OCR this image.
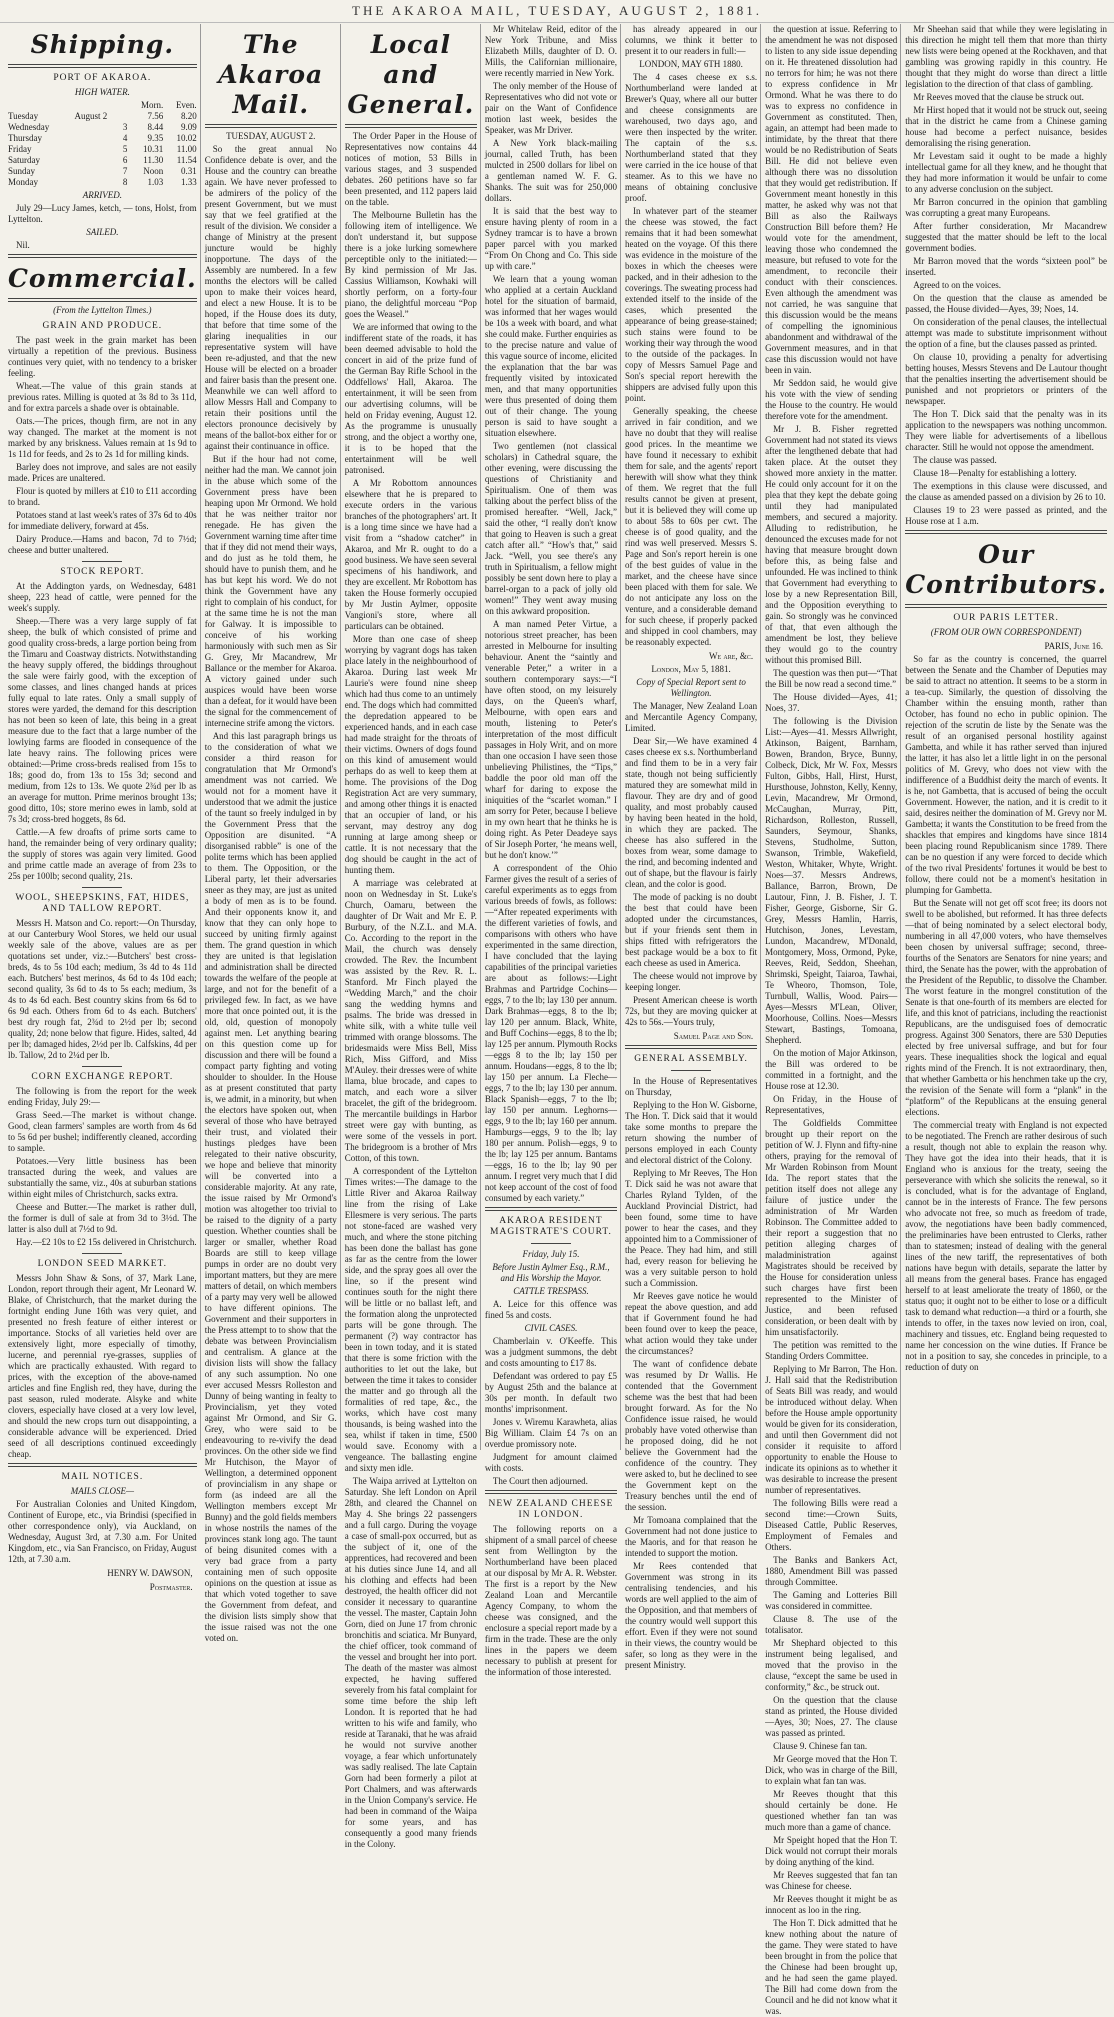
THE AKAROA MAIL, TUESDAY, AUGUST 2, 1881.
Shipping.
PORT OF AKAROA.
HIGH WATER.
		Morn.	Even.
Tuesday	August 2	7.56	8.20
Wednesday	3	8.44	9.09
Thursday	4	9.35	10.02
Friday	5	10.31	11.00
Saturday	6	11.30	11.54
Sunday	7	Noon	0.31
Monday	8	1.03	1.33
ARRIVED.

July 29—Lucy James, ketch, — tons, Holst, from Lyttelton.

SAILED.

Nil.

Commercial.
(From the Lyttelton Times.)
GRAIN AND PRODUCE.

The past week in the grain market has been virtually a repetition of the previous. Business continues very quiet, with no tendency to a brisker feeling.

Wheat.—The value of this grain stands at previous rates. Milling is quoted at 3s 8d to 3s 11d, and for extra parcels a shade over is obtainable.

Oats.—The prices, though firm, are not in any way changed. The market at the moment is not marked by any briskness. Values remain at 1s 9d to 1s 11d for feeds, and 2s to 2s 1d for milling kinds.

Barley does not improve, and sales are not easily made. Prices are unaltered.

Flour is quoted by millers at £10 to £11 according to brand.

Potatoes stand at last week's rates of 37s 6d to 40s for immediate delivery, forward at 45s.

Dairy Produce.—Hams and bacon, 7d to 7½d; cheese and butter unaltered.

STOCK REPORT.

At the Addington yards, on Wednesday, 6481 sheep, 223 head of cattle, were penned for the week's supply.

Sheep.—There was a very large supply of fat sheep, the bulk of which consisted of prime and good quality cross-breds, a large portion being from the Timaru and Coastway districts. Notwithstanding the heavy supply offered, the biddings throughout the sale were fairly good, with the exception of some classes, and lines changed hands at prices fully equal to late rates. Only a small supply of stores were yarded, the demand for this description has not been so keen of late, this being in a great measure due to the fact that a large number of the lowlying farms are flooded in consequence of the late heavy rains. The following prices were obtained:—Prime cross-breds realised from 15s to 18s; good do, from 13s to 15s 3d; second and medium, from 12s to 13s. We quote 2¾d per lb as an average for mutton. Prime merinos brought 13s; good ditto, 10s; store merino ewes in lamb, sold at 7s 3d; cross-bred hoggets, 8s 6d.

Cattle.—A few droafts of prime sorts came to hand, the remainder being of very ordinary quality; the supply of stores was again very limited. Good and prime cattle made an average of from 23s to 25s per 100lb; second quality, 21s.

WOOL, SHEEPSKINS, FAT, HIDES, AND TALLOW REPORT.

Messrs H. Matson and Co. report:—On Thursday, at our Canterbury Wool Stores, we held our usual weekly sale of the above, values are as per quotations set under, viz.:—Butchers' best cross-breds, 4s to 5s 10d each; medium, 3s 4d to 4s 11d each. Butchers' best merinos, 4s 6d to 4s 10d each; second quality, 3s 6d to 4s to 5s each; medium, 3s 4s to 4s 6d each. Best country skins from 6s 6d to 6s 9d each. Others from 6d to 4s each. Butchers' best dry rough fat, 2¾d to 2½d per lb; second quality, 2d; none below that figure. Hides, salted, 4d per lb; damaged hides, 2½d per lb. Calfskins, 4d per lb. Tallow, 2d to 2¼d per lb.

CORN EXCHANGE REPORT.

The following is from the report for the week ending Friday, July 29:—

Grass Seed.—The market is without change. Good, clean farmers' samples are worth from 4s 6d to 5s 6d per bushel; indifferently cleaned, according to sample.

Potatoes.—Very little business has been transacted during the week, and values are substantially the same, viz., 40s at suburban stations within eight miles of Christchurch, sacks extra.

Cheese and Butter.—The market is rather dull, the former is dull of sale at from 3d to 3½d. The latter is also dull at 7½d to 9d.

Hay.—£2 10s to £2 15s delivered in Christchurch.

LONDON SEED MARKET.

Messrs John Shaw & Sons, of 37, Mark Lane, London, report through their agent, Mr Leonard W. Blake, of Christchurch, that the market during the fortnight ending June 16th was very quiet, and presented no fresh feature of either interest or importance. Stocks of all varieties held over are extensively light, more especially of timothy, lucerne, and perennial rye-grasses, supplies of which are practically exhausted. With regard to prices, with the exception of the above-named articles and fine English red, they have, during the past season, ruled moderate. Alsyke and white clovers, especially have closed at a very low level, and should the new crops turn out disappointing, a considerable advance will be experienced. Dried seed of all descriptions continued exceedingly cheap.

MAIL NOTICES.
MAILS CLOSE—

For Australian Colonies and United Kingdom, Continent of Europe, etc., via Brindisi (specified in other correspondence only), via Auckland, on Wednesday, August 3rd, at 7.30 a.m. For United Kingdom, etc., via San Francisco, on Friday, August 12th, at 7.30 a.m.

HENRY W. DAWSON,
Postmaster.
The Akaroa Mail.
TUESDAY, AUGUST 2.

So the great annual No Confidence debate is over, and the House and the country can breathe again. We have never professed to be admirers of the policy of the present Government, but we must say that we feel gratified at the result of the division. We consider a change of Ministry at the present juncture would be highly inopportune. The days of the Assembly are numbered. In a few months the electors will be called upon to make their voices heard, and elect a new House. It is to be hoped, if the House does its duty, that before that time some of the glaring inequalities in our representative system will have been re-adjusted, and that the new House will be elected on a broader and fairer basis than the present one. Meanwhile we can well afford to allow Messrs Hall and Company to retain their positions until the electors pronounce decisively by means of the ballot-box either for or against their continuance in office.

But if the hour had not come, neither had the man. We cannot join in the abuse which some of the Government press have been heaping upon Mr Ormond. We hold that he was neither traitor nor renegade. He has given the Government warning time after time that if they did not mend their ways, and do just as he told them, he should have to punish them, and he has but kept his word. We do not think the Government have any right to complain of his conduct, for at the same time he is not the man for Galway. It is impossible to conceive of his working harmoniously with such men as Sir G. Grey, Mr Macandrew, Mr Ballance or the member for Akaroa. A victory gained under such auspices would have been worse than a defeat, for it would have been the signal for the commencement of internecine strife among the victors.

And this last paragraph brings us to the consideration of what we consider a third reason for congratulation that Mr Ormond's amendment was not carried. We would not for a moment have it understood that we admit the justice of the taunt so freely indulged in by the Government Press that the Opposition are disunited. “A disorganised rabble” is one of the polite terms which has been applied to them. The Opposition, or the Liberal party, let their adversaries sneer as they may, are just as united a body of men as is to be found. And their opponents know it, and know that they can only hope to succeed by uniting firmly against them. The grand question in which they are united is that legislation and administration shall be directed towards the welfare of the people at large, and not for the benefit of a privileged few. In fact, as we have more that once pointed out, it is the old, old, question of monopoly against men. Let anything bearing on this question come up for discussion and there will be found a compact party fighting and voting shoulder to shoulder. In the House as at present constituted that party is, we admit, in a minority, but when the electors have spoken out, when several of those who have betrayed their trust, and violated their hustings pledges have been relegated to their native obscurity, we hope and believe that minority will be converted into a considerable majority. At any rate, the issue raised by Mr Ormond's motion was altogether too trivial to be raised to the dignity of a party question. Whether counties shall be larger or smaller, whether Road Boards are still to keep village pumps in order are no doubt very important matters, but they are mere matters of detail, on which members of a party may very well be allowed to have different opinions. The Government and their supporters in the Press attempt to to show that the debate was between Provincialism and centralism. A glance at the division lists will show the fallacy of any such assumption. No one ever accused Messrs Rolleston and Dunny of being wanting in fealty to Provincialism, yet they voted against Mr Ormond, and Sir G. Grey, who were said to be endeavouring to re-vivify the dead provinces. On the other side we find Mr Hutchison, the Mayor of Wellington, a determined opponent of provincialism in any shape or form (as indeed are all the Wellington members except Mr Bunny) and the gold fields members in whose nostrils the names of the provinces stank long ago. The taunt of being disunited comes with a very bad grace from a party containing men of such opposite opinions on the question at issue as that which voted together to save the Government from defeat, and the division lists simply show that the issue raised was not the one voted on.

Local and General.

The Order Paper in the House of Representatives now contains 44 notices of motion, 53 Bills in various stages, and 3 suspended debates. 260 petitions have so far been presented, and 112 papers laid on the table.

The Melbourne Bulletin has the following item of intelligence. We don't understand it, but suppose there is a joke lurking somewhere perceptible only to the initiated:—By kind permission of Mr Jas. Cassius Williamson, Kowhaki will shortly perform, on a forty-four piano, the delightful morceau “Pop goes the Weasel.”

We are informed that owing to the indifferent state of the roads, it has been deemed advisable to hold the concert in aid of the prize fund of the German Bay Rifle School in the Oddfellows' Hall, Akaroa. The entertainment, it will be seen from our advertising columns, will be held on Friday evening, August 12. As the programme is unusually strong, and the object a worthy one, it is to be hoped that the entertainment will be well patronised.

A Mr Robottom announces elsewhere that he is prepared to execute orders in the various branches of the photographers' art. It is a long time since we have had a visit from a “shadow catcher” in Akaroa, and Mr R. ought to do a good business. We have seen several specimens of his handiwork, and they are excellent. Mr Robottom has taken the House formerly occupied by Mr Justin Aylmer, opposite Vangioni's store, where all particulars can be obtained.

More than one case of sheep worrying by vagrant dogs has taken place lately in the neighbourhood of Akaroa. During last week Mr Laurie's were found nine sheep which had thus come to an untimely end. The dogs which had committed the depredation appeared to be experienced hands, and in each case had made straight for the throats of their victims. Owners of dogs found on this kind of amusement would perhaps do as well to keep them at home. The provisions of the Dog Registration Act are very summary, and among other things it is enacted that an occupier of land, or his servant, may destroy any dog running at large among sheep or cattle. It is not necessary that the dog should be caught in the act of hunting them.

A marriage was celebrated at noon on Wednesday in St. Luke's Church, Oamaru, between the daughter of Dr Wait and Mr E. P. Burbury, of the N.Z.L. and M.A. Co. According to the report in the Mail, the church was densely crowded. The Rev. the Incumbent was assisted by the Rev. R. L. Stanford. Mr Finch played the “Wedding March,” and the choir sang the wedding hymns and psalms. The bride was dressed in white silk, with a white tulle veil trimmed with orange blossoms. The bridesmaids were Miss Bell, Miss Rich, Miss Gifford, and Miss M'Auley. their dresses were of white llama, blue brocade, and capes to match, and each wore a silver bracelet, the gift of the bridegroom. The mercantile buildings in Harbor street were gay with bunting, as were some of the vessels in port. The bridegroom is a brother of Mrs Cotton, of this town.

A correspondent of the Lyttelton Times writes:—The damage to the Little River and Akaroa Railway line from the rising of Lake Ellesmere is very serious. The parts not stone-faced are washed very much, and where the stone pitching has been done the ballast has gone as far as the centre from the lower side, and the spray goes all over the line, so if the present wind continues south for the night there will be little or no ballast left, and the formation along the unprotected parts will be gone through. The permanent (?) way contractor has been in town today, and it is stated that there is some friction with the authorities to let out the lake, but between the time it takes to consider the matter and go through all the formalities of red tape, &c., the works, which have cost many thousands, is being washed into the sea, whilst if taken in time, £500 would save. Economy with a vengeance. The ballasting engine and sixty men idle.

The Waipa arrived at Lyttelton on Saturday. She left London on April 28th, and cleared the Channel on May 4. She brings 22 passengers and a full cargo. During the voyage a case of small-pox occurred, but as the subject of it, one of the apprentices, had recovered and been at his duties since June 14, and all his clothing and effects had been destroyed, the health officer did not consider it necessary to quarantine the vessel. The master, Captain John Gorn, died on June 17 from chronic bronchitis and sciatica. Mr Bunyard, the chief officer, took command of the vessel and brought her into port. The death of the master was almost expected, he having suffered severely from his fatal complaint for some time before the ship left London. It is reported that he had written to his wife and family, who reside at Taranaki, that he was afraid he would not survive another voyage, a fear which unfortunately was sadly realised. The late Captain Gorn had been formerly a pilot at Port Chalmers, and was afterwards in the Union Company's service. He had been in command of the Waipa for some years, and has consequently a good many friends in the Colony.

Mr Whitelaw Reid, editor of the New York Tribune, and Miss Elizabeth Mills, daughter of D. O. Mills, the Californian millionaire, were recently married in New York.

The only member of the House of Representatives who did not vote or pair on the Want of Confidence motion last week, besides the Speaker, was Mr Driver.

A New York black-mailing journal, called Truth, has been mulcted in 2500 dollars for libel on a gentleman named W. F. G. Shanks. The suit was for 250,000 dollars.

It is said that the best way to ensure having plenty of room in a Sydney tramcar is to have a brown paper parcel with you marked “From On Chong and Co. This side up with care.”

We learn that a young woman who applied at a certain Auckland hotel for the situation of barmaid, was informed that her wages would be 10s a week with board, and what she could make. Further enquiries as to the precise nature and value of this vague source of income, elicited the explanation that the bar was frequently visited by intoxicated men, and that many opportunities were thus presented of doing them out of their change. The young person is said to have sought a situation elsewhere.

Two gentlemen (not classical scholars) in Cathedral square, the other evening, were discussing the questions of Christianity and Spiritualism. One of them was talking about the perfect bliss of the promised hereafter. “Well, Jack,” said the other, “I really don't know that going to Heaven is such a great catch after all.” “How's that,” said Jack. “Well, you see there's any truth in Spiritualism, a fellow might possibly be sent down here to play a barrel-organ to a pack of jolly old women!” They went away musing on this awkward proposition.

A man named Peter Virtue, a notorious street preacher, has been arrested in Melbourne for insulting behaviour. Anent the “saintly and venerable Peter,” a writer in a southern contemporary says:—“I have often stood, on my leisurely days, on the Queen's wharf, Melbourne, with open ears and mouth, listening to Peter's interpretation of the most difficult passages in Holy Writ, and on more than one occasion I have seen those unbelieving Philistines, the “Tips,” baddle the poor old man off the wharf for daring to expose the iniquities of the “scarlet woman.” I am sorry for Peter, because I believe in my own heart that he thinks he is doing right. As Peter Deadeye says of Sir Joseph Porter, ‘he means well, but he don't know.’”

A correspondent of the Ohio Farmer gives the result of a series of careful experiments as to eggs from various breeds of fowls, as follows:—“After repeated experiments with the different varieties of fowls, and comparisons with others who have experimented in the same direction, I have concluded that the laying capabilities of the principal varieties are about as follows:—Light Brahmas and Partridge Cochins—eggs, 7 to the lb; lay 130 per annum. Dark Brahmas—eggs, 8 to the lb; lay 120 per annum. Black, White, and Buff Cochins—eggs, 8 to the lb; lay 125 per annum. Plymouth Rocks—eggs 8 to the lb; lay 150 per annum. Houdans—eggs, 8 to the lb; lay 150 per annum. La Fleche—eggs, 7 to the lb; lay 130 per annum. Black Spanish—eggs, 7 to the lb; lay 150 per annum. Leghorns—eggs, 9 to the lb; lay 160 per annum. Hamburgs—eggs, 9 to the lb; lay 180 per annum. Polish—eggs, 9 to the lb; lay 125 per annum. Bantams—eggs, 16 to the lb; lay 90 per annum. I regret very much that I did not keep account of the cost of food consumed by each variety.”

AKAROA RESIDENT MAGISTRATE'S COURT.
Friday, July 15.
Before Justin Aylmer Esq., R.M., and His Worship the Mayor.
CATTLE TRESPASS.

A. Leice for this offence was fined 5s and costs.

CIVIL CASES.

Chamberlain v. O'Keeffe. This was a judgment summons, the debt and costs amounting to £17 8s.

Defendant was ordered to pay £5 by August 25th and the balance at 30s per month. In default two months' imprisonment.

Jones v. Wiremu Karawheta, alias Big William. Claim £4 7s on an overdue promissory note.

Judgment for amount claimed with costs.

The Court then adjourned.

NEW ZEALAND CHEESE IN LONDON.

The following reports on a shipment of a small parcel of cheese sent from Wellington by the Northumberland have been placed at our disposal by Mr A. R. Webster. The first is a report by the New Zealand Loan and Mercantile Agency Company, to whom the cheese was consigned, and the enclosure a special report made by a firm in the trade. These are the only lines in the papers we deem necessary to publish at present for the information of those interested.

has already appeared in our columns, we think it better to present it to our readers in full:—

LONDON, MAY 6TH 1880.

The 4 cases cheese ex s.s. Northumberland were landed at Brewer's Quay, where all our butter and cheese consignments are warehoused, two days ago, and were then inspected by the writer. The captain of the s.s. Northumberland stated that they were carried in the ice house of that steamer. As to this we have no means of obtaining conclusive proof.

In whatever part of the steamer the cheese was stowed, the fact remains that it had been somewhat heated on the voyage. Of this there was evidence in the moisture of the boxes in which the cheeses were packed, and in their adhesion to the coverings. The sweating process had extended itself to the inside of the cases, which presented the appearance of being grease-stained; such stains were found to be working their way through the wood to the outside of the packages. In copy of Messrs Samuel Page and Son's special report herewith the shippers are advised fully upon this point.

Generally speaking, the cheese arrived in fair condition, and we have no doubt that they will realise good prices. In the meantime we have found it necessary to exhibit them for sale, and the agents' report herewith will show what they think of them. We regret that the full results cannot be given at present, but it is believed they will come up to about 58s to 60s per cwt. The cheese is of good quality, and the rind was well preserved. Messrs S. Page and Son's report herein is one of the best guides of value in the market, and the cheese have since been placed with them for sale. We do not anticipate any loss on the venture, and a considerable demand for such cheese, if properly packed and shipped in cool chambers, may be reasonably expected.

We are, &c.
London, May 5, 1881.
Copy of Special Report sent to Wellington.

The Manager, New Zealand Loan and Mercantile Agency Company, Limited.

Dear Sir,—We have examined 4 cases cheese ex s.s. Northumberland and find them to be in a very fair state, though not being sufficiently matured they are somewhat mild in flavour. They are dry and of good quality, and most probably caused by having been heated in the hold, in which they are packed. The cheese has also suffered in the boxes from wear, some damage to the rind, and becoming indented and out of shape, but the flavour is fairly clean, and the color is good.

The mode of packing is no doubt the best that could have been adopted under the circumstances, but if your friends sent them in ships fitted with refrigerators the best package would be a box to fit each cheese as used in America.

The cheese would not improve by keeping longer.

Present American cheese is worth 72s, but they are moving quicker at 42s to 56s.—Yours truly,

Samuel Page and Son.
GENERAL ASSEMBLY.

In the House of Representatives on Thursday,

Replying to the Hon W. Gisborne, The Hon. T. Dick said that it would take some months to prepare the return showing the number of persons employed in each County and electoral district of the Colony.

Replying to Mr Reeves, The Hon T. Dick said he was not aware that Charles Ryland Tylden, of the Auckland Provincial District, had been found, some time to have power to hear the cases, and they appointed him to a Commissioner of the Peace. They had him, and still had, every reason for believing he was a very suitable person to hold such a Commission.

Mr Reeves gave notice he would repeat the above question, and add that if Government found he had been found over to keep the peace, what action would they take under the circumstances?

The want of confidence debate was resumed by Dr Wallis. He contended that the Government scheme was the best that had been brought forward. As for the No Confidence issue raised, he would probably have voted otherwise than he proposed doing, did he not believe the Government had the confidence of the country. They were asked to, but he declined to see the Government kept on the Treasury benches until the end of the session.

Mr Tomoana complained that the Government had not done justice to the Maoris, and for that reason he intended to support the motion.

Mr Rees contended that Government was strong in its centralising tendencies, and his words are well applied to the aim of the Opposition, and that members of the country would well support this effort. Even if they were not sound in their views, the country would be safer, so long as they were in the present Ministry.

the question at issue. Referring to the amendment he was not disposed to listen to any side issue depending on it. He threatened dissolution had no terrors for him; he was not there to express confidence in Mr Ormond. What he was there to do was to express no confidence in Government as constituted. Then, again, an attempt had been made to intimidate, by the threat that there would be no Redistribution of Seats Bill. He did not believe even although there was no dissolution that they would get redistribution. If Government meant honestly in this matter, he asked why was not that Bill as also the Railways Construction Bill before them? He would vote for the amendment, leaving those who condemned the measure, but refused to vote for the amendment, to reconcile their conduct with their consciences. Even although the amendment was not carried, he was sanguine that this discussion would be the means of compelling the ignominious abandonment and withdrawal of the Government measures, and in that case this discussion would not have been in vain.

Mr Seddon said, he would give his vote with the view of sending the House to the country. He would therefore vote for the amendment.

Mr J. B. Fisher regretted Government had not stated its views after the lengthened debate that had taken place. At the outset they showed more anxiety in the matter. He could only account for it on the plea that they kept the debate going until they had manipulated members, and secured a majority. Alluding to redistribution, he denounced the excuses made for not having that measure brought down before this, as being false and unfounded. He was inclined to think that Government had everything to lose by a new Representation Bill, and the Opposition everything to gain. So strongly was he convinced of that, that even although the amendment be lost, they believe they would go to the country without this promised Bill.

The question was then put—“That the Bill be now read a second time.”

The House divided—Ayes, 41; Noes, 37.

The following is the Division List:—Ayes—41. Messrs Allwright, Atkinson, Baigent, Barnham, Bowen, Brandon, Bryce, Bunny, Colbeck, Dick, Mr W. Fox, Messrs Fulton, Gibbs, Hall, Hirst, Hurst, Hursthouse, Johnston, Kelly, Kenny, Levin, Macandrew, Mr Ormond, McCaughan, Murray, Pitt, Richardson, Rolleston, Russell, Saunders, Seymour, Shanks, Stevens, Studholme, Sutton, Swanson, Trimble, Wakefield, Weston, Whitaker, Whyte, Wright. Noes—37. Messrs Andrews, Ballance, Barron, Brown, De Lautour, Finn, J. B. Fisher, J. T. Fisher, George, Gisborne, Sir G. Grey, Messrs Hamlin, Harris, Hutchison, Jones, Levestam, Lundon, Macandrew, M'Donald, Montgomery, Moss, Ormond, Pyke, Reeves, Reid, Seddon, Sheehan, Shrimski, Speight, Taiaroa, Tawhai, Te Wheoro, Thomson, Tole, Turnbull, Wallis, Wood. Pairs—Ayes—Messrs M'Lean, Oliver, Moorhouse, Collins. Noes—Messrs Stewart, Bastings, Tomoana, Shepherd.

On the motion of Major Atkinson, the Bill was ordered to be committed in a fortnight, and the House rose at 12.30.

On Friday, in the House of Representatives,

The Goldfields Committee brought up their report on the petition of W. J. Flynn and fifty-nine others, praying for the removal of Mr Warden Robinson from Mount Ida. The report states that the petition itself does not allege any failure of justice under the administration of Mr Warden Robinson. The Committee added to their report a suggestion that no petition alleging charges of maladministration against Magistrates should be received by the House for consideration unless such charges have first been represented to the Minister of Justice, and been refused consideration, or been dealt with by him unsatisfactorily.

The petition was remitted to the Standing Orders Committee.

Replying to Mr Barron, The Hon. J. Hall said that the Redistribution of Seats Bill was ready, and would be introduced without delay. When before the House ample opportunity would be given for its consideration, and until then Government did not consider it requisite to afford opportunity to enable the House to indicate its opinions as to whether it was desirable to increase the present number of representatives.

The following Bills were read a second time:—Crown Suits, Diseased Cattle, Public Reserves, Employment of Females and Others.

The Banks and Bankers Act, 1880, Amendment Bill was passed through Committee.

The Gaming and Lotteries Bill was considered in committee.

Clause 8. The use of the totalisator.

Mr Shephard objected to this instrument being legalised, and moved that the proviso in the clause, “except the same be used in conformity,” &c., be struck out.

On the question that the clause stand as printed, the House divided—Ayes, 30; Noes, 27. The clause was passed as printed.

Clause 9. Chinese fan tan.

Mr George moved that the Hon T. Dick, who was in charge of the Bill, to explain what fan tan was.

Mr Reeves thought that this should certainly be done. He questioned whether fan tan was much more than a game of chance.

Mr Speight hoped that the Hon T. Dick would not corrupt their morals by doing anything of the kind.

Mr Reeves suggested that fan tan was Chinese for cheese.

Mr Reeves thought it might be as innocent as loo in the ring.

The Hon T. Dick admitted that he knew nothing about the nature of the game. They were stated to have been brought in from the police that the Chinese had been brought up, and he had seen the game played. The Bill had come down from the Council and he did not know what it was.

Mr Sheehan said that while they were legislating in this direction he might tell them that more than thirty new lists were being opened at the Rockhaven, and that gambling was growing rapidly in this country. He thought that they might do worse than direct a little legislation to the direction of that class of gambling.

Mr Reeves moved that the clause be struck out.

Mr Hirst hoped that it would not be struck out, seeing that in the district he came from a Chinese gaming house had become a perfect nuisance, besides demoralising the rising generation.

Mr Levestam said it ought to be made a highly intellectual game for all they knew, and he thought that they had more information it would be unfair to come to any adverse conclusion on the subject.

Mr Barron concurred in the opinion that gambling was corrupting a great many Europeans.

After further consideration, Mr Macandrew suggested that the matter should be left to the local government bodies.

Mr Barron moved that the words “sixteen pool” be inserted.

Agreed to on the voices.

On the question that the clause as amended be passed, the House divided—Ayes, 39; Noes, 14.

On consideration of the penal clauses, the intellectual attempt was made to substitute imprisonment without the option of a fine, but the clauses passed as printed.

On clause 10, providing a penalty for advertising betting houses, Messrs Stevens and De Lautour thought that the penalties inserting the advertisement should be punished and not proprietors or printers of the newspaper.

The Hon T. Dick said that the penalty was in its application to the newspapers was nothing uncommon. They were liable for advertisements of a libellous character. Still he would not oppose the amendment.

The clause was passed.

Clause 18—Penalty for establishing a lottery.

The exemptions in this clause were discussed, and the clause as amended passed on a division by 26 to 10.

Clauses 19 to 23 were passed as printed, and the House rose at 1 a.m.

Our Contributors.
OUR PARIS LETTER.
(FROM OUR OWN CORRESPONDENT)
PARIS, June 16.

So far as the country is concerned, the quarrel between the Senate and the Chamber of Deputies may be said to attract no attention. It seems to be a storm in a tea-cup. Similarly, the question of dissolving the Chamber within the ensuing month, rather than October, has found no echo in public opinion. The rejection of the scrutin de liste by the Senate was the result of an organised personal hostility against Gambetta, and while it has rather served than injured the latter, it has also let a little light in on the personal politics of M. Grevy, who does not view with the indifference of a Buddhist deity the march of events. It is he, not Gambetta, that is accused of being the occult Government. However, the nation, and it is credit to it said, desires neither the domination of M. Grevy nor M. Gambetta; it wants the Constitution to be freed from the shackles that empires and kingdoms have since 1814 been placing round Republicanism since 1789. There can be no question if any were forced to decide which of the two rival Presidents' fortunes it would be best to follow, there could not be a moment's hesitation in plumping for Gambetta.

But the Senate will not get off scot free; its doors not swell to be abolished, but reformed. It has three defects—that of being nominated by a select electoral body, numbering in all 47,000 voters, who have themselves been chosen by universal suffrage; second, three-fourths of the Senators are Senators for nine years; and third, the Senate has the power, with the approbation of the President of the Republic, to dissolve the Chamber. The worst feature in the mongrel constitution of the Senate is that one-fourth of its members are elected for life, and this knot of patricians, including the reactionist Republicans, are the undisguised foes of democratic progress. Against 300 Senators, there are 530 Deputies elected by free universal suffrage, and but for four years. These inequalities shock the logical and equal rights mind of the French. It is not extraordinary, then, that whether Gambetta or his henchmen take up the cry, the revision of the Senate will form a “plank” in the “platform” of the Republicans at the ensuing general elections.

The commercial treaty with England is not expected to be negotiated. The French are rather desirous of such a result, though not able to explain the reason why. They have got the idea into their heads, that it is England who is anxious for the treaty, seeing the perseverance with which she solicits the renewal, so it is concluded, what is for the advantage of England, cannot be in the interests of France. The few persons who advocate not free, so much as freedom of trade, avow, the negotiations have been badly commenced, the preliminaries have been entrusted to Clerks, rather than to statesmen; instead of dealing with the general lines of the new tariff, the representatives of both nations have begun with details, separate the latter by all means from the general bases. France has engaged herself to at least ameliorate the treaty of 1860, or the status quo; it ought not to be either to lose or a difficult task to demand what reduction—a third or a fourth, she intends to offer, in the taxes now levied on iron, coal, machinery and tissues, etc. England being requested to name her concession on the wine duties. If France be not in a position to say, she concedes in principle, to a reduction of duty on
